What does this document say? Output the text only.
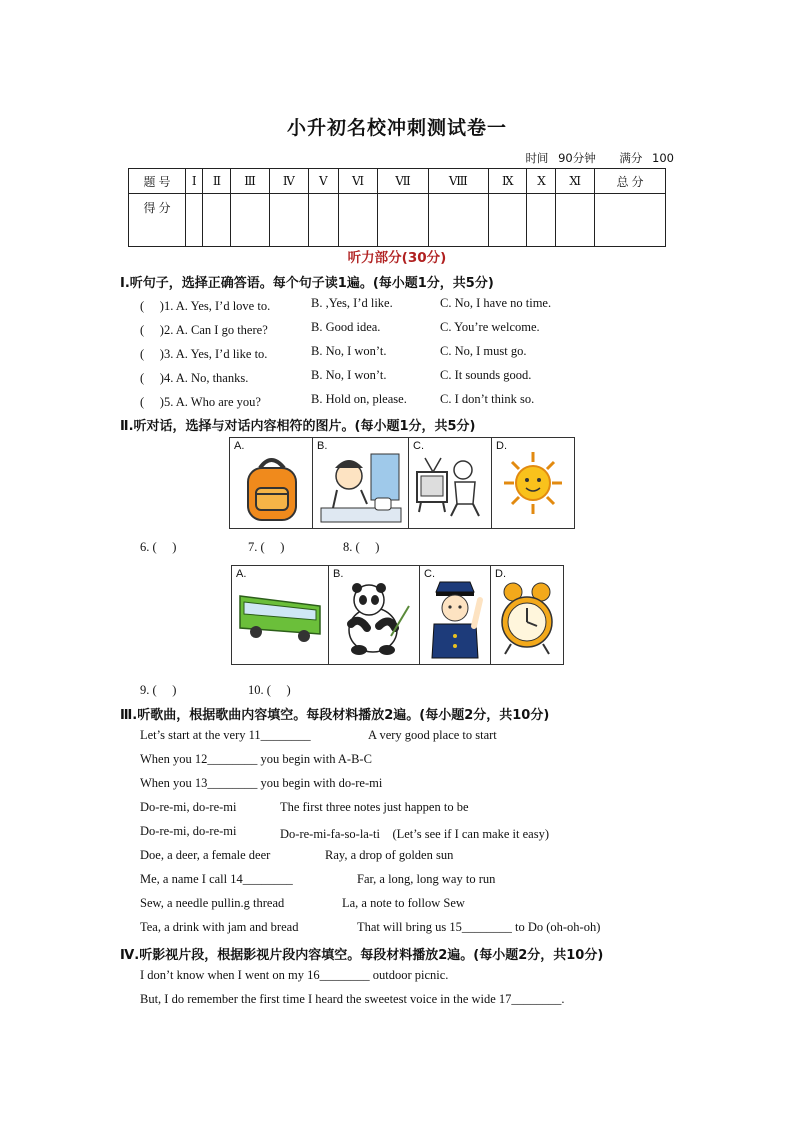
小升初名校冲刺测试卷一
时间 90分钟 满分 100
题 号	Ⅰ	Ⅱ	Ⅲ	Ⅳ	Ⅴ	Ⅵ	Ⅶ	Ⅷ	Ⅸ	Ⅹ	Ⅺ	总 分
得 分												
听力部分(30分)
Ⅰ.听句子，选择正确答语。每个句子读1遍。(每小题1分，共5分)
(　 )1. A. Yes, I’d love to.	B. ,Yes, I’d like.	C. No, I have no time.
(　 )2. A. Can I go there?	B. Good idea.	C. You’re welcome.
(　 )3. A. Yes, I’d like to.	B. No, I won’t.	C. No, I must go.
(　 )4. A. No, thanks.	B. No, I won’t.	C. It sounds good.
(　 )5. A. Who are you?	B. Hold on, please.	C. I don’t think so.
Ⅱ.听对话，选择与对话内容相符的图片。(每小题1分，共5分)
A.	B.	C.	D.
6. (　 )	7. (　 )	8. (　 )
A.	B.	C.	D.
9. (　 )	10. (　 )
Ⅲ.听歌曲，根据歌曲内容填空。每段材料播放2遍。(每小题2分，共10分)
Let’s start at the very 11________	A very good place to start
When you 12________ you begin with A-B-C
When you 13________ you begin with do-re-mi
Do-re-mi, do-re-mi	The first three notes just happen to be
Do-re-mi, do-re-mi	Do-re-mi-fa-so-la-ti　(Let’s see if I can make it easy)
Doe, a deer, a female deer	Ray, a drop of golden sun
Me, a name I call 14________	Far, a long, long way to run
Sew, a needle pullin.g thread	La, a note to follow Sew
Tea, a drink with jam and bread	That will bring us 15________ to Do (oh-oh-oh)
Ⅳ.听影视片段，根据影视片段内容填空。每段材料播放2遍。(每小题2分，共10分)
I don’t know when I went on my 16________ outdoor picnic.
But, I do remember the first time I heard the sweetest voice in the wide 17________.
